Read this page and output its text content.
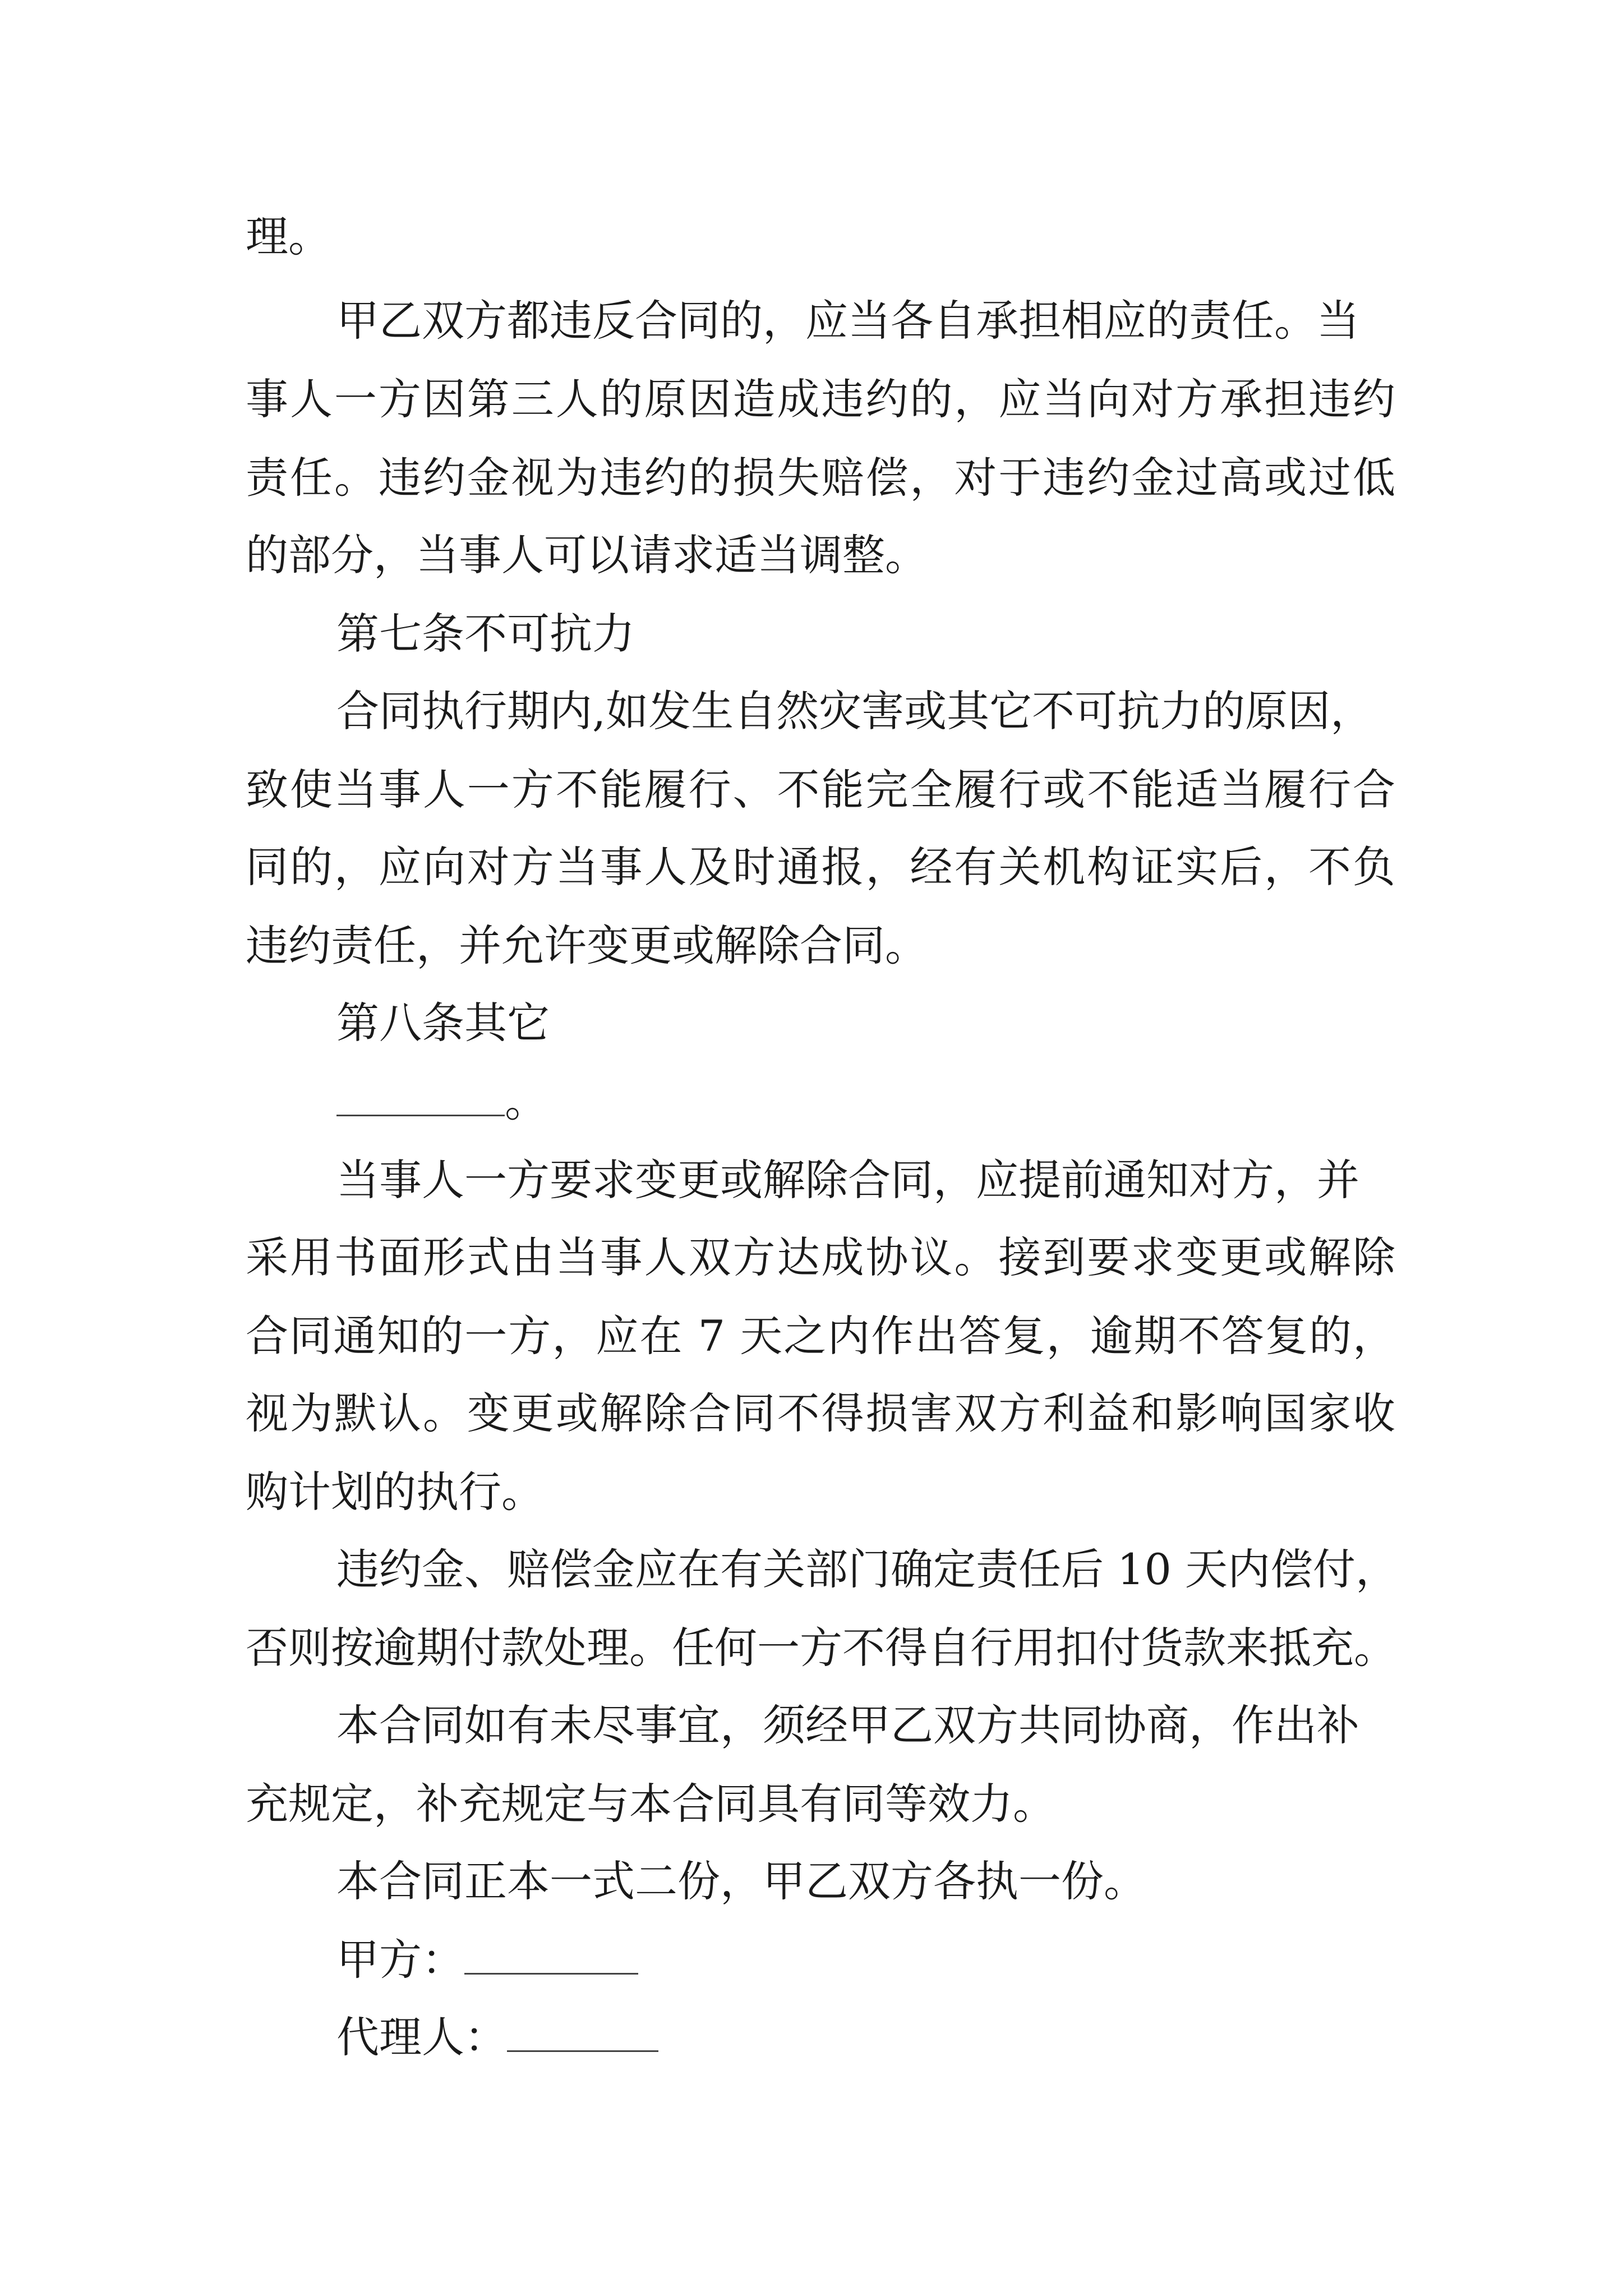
理。
甲乙双方都违反合同的，应当各自承担相应的责任。当
事人一方因第三人的原因造成违约的，应当向对方承担违约
责任。违约金视为违约的损失赔偿，对于违约金过高或过低
的部分，当事人可以请求适当调整。
第七条不可抗力
合同执行期内,如发生自然灾害或其它不可抗力的原因，
致使当事人一方不能履行、不能完全履行或不能适当履行合
同的，应向对方当事人及时通报，经有关机构证实后，不负
违约责任，并允许变更或解除合同。
第八条其它
。
当事人一方要求变更或解除合同，应提前通知对方，并
采用书面形式由当事人双方达成协议。接到要求变更或解除
合同通知的一方，应在 7 天之内作出答复，逾期不答复的，
视为默认。变更或解除合同不得损害双方利益和影响国家收
购计划的执行。
违约金、赔偿金应在有关部门确定责任后 10 天内偿付，
否则按逾期付款处理。任何一方不得自行用扣付货款来抵充。
本合同如有未尽事宜，须经甲乙双方共同协商，作出补
充规定，补充规定与本合同具有同等效力。
本合同正本一式二份，甲乙双方各执一份。
甲方：
代理人：
